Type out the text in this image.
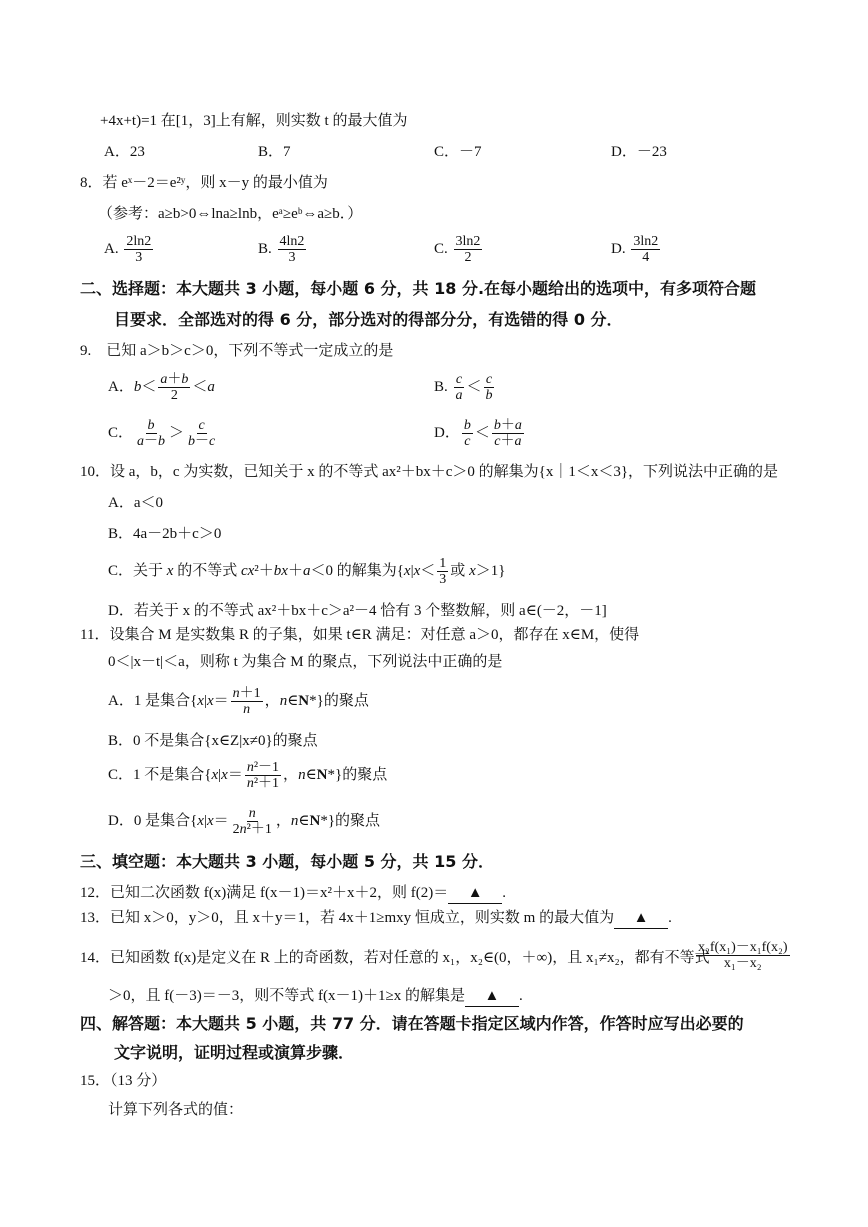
+4x+t)=1 在[1，3]上有解，则实数 t 的最大值为
A．23	B．7	C．－7	D．－23
8．若 eˣ－2＝e²ʸ，则 x－y 的最小值为
（参考：a≥b>0⇔lna≥lnb，eᵃ≥eᵇ⇔a≥b．）
A. $\frac{2\ln 2}{3}$	B. $\frac{4\ln 2}{3}$	C. $\frac{3\ln 2}{2}$	D. $\frac{3\ln 2}{4}$
二、选择题：本大题共 3 小题，每小题 6 分，共 18 分.在每小题给出的选项中，有多项符合题
目要求．全部选对的得 6 分，部分选对的得部分分，有选错的得 0 分．
9.　已知 a＞b＞c＞0，下列不等式一定成立的是
A．$b< \frac{a+b}{2} <a$	B. $\frac{c}{a} < \frac{c}{b}$
C． $\frac{b}{a-b} > \frac{c}{b-c}$	D． $\frac{b}{c} < \frac{b+a}{c+a}$
10．设 a，b，c 为实数，已知关于 x 的不等式 ax²＋bx＋c＞0 的解集为{x｜1＜x＜3}，下列说法中正确的是
A．a＜0
B．4a－2b＋c＞0
C．关于 x 的不等式 cx²＋bx＋a＜0 的解集为{$x|x< \frac{1}{3}$ 或 x＞1}
D．若关于 x 的不等式 ax²＋bx＋c＞a²－4 恰有 3 个整数解，则 a∈(－2，－1]
11．设集合 M 是实数集 R 的子集，如果 t∈R 满足：对任意 a＞0，都存在 x∈M，使得
0＜|x－t|＜a，则称 t 为集合 M 的聚点，下列说法中正确的是
A．1 是集合{$x|x= \frac{n+1}{n}$ ，n∈N*}的聚点
B．0 不是集合{x∈Z|x≠0}的聚点
C．1 不是集合{$x|x= \frac{\text{n²－1}}{\text{n²＋1}}$ ，n∈N*}的聚点
D．0 是集合{$x|x= \frac{n}{\text{2n²＋1}}$ ，n∈N*}的聚点
三、填空题：本大题共 3 小题，每小题 5 分，共 15 分．
12．已知二次函数 f(x)满足 f(x－1)＝x²＋x＋2，则 f(2)＝ ▲ .
13．已知 x＞0，y＞0，且 x＋y＝1，若 4x＋1≥mxy 恒成立，则实数 m 的最大值为 ▲ .
14．已知函数 f(x)是定义在 R 上的奇函数，若对任意的 x₁，x₂∈(0，＋∞)，且 x₁≠x₂，都有不等式
$\frac{\text{x₂f(x₁)－x₁f(x₂)}}{\text{x₁－x₂}}$
＞0，且 f(－3)＝－3，则不等式 f(x－1)＋1≥x 的解集是 ▲ .
四、解答题：本大题共 5 小题，共 77 分．请在答题卡指定区域内作答，作答时应写出必要的
文字说明，证明过程或演算步骤．
15．（13 分）
计算下列各式的值：
